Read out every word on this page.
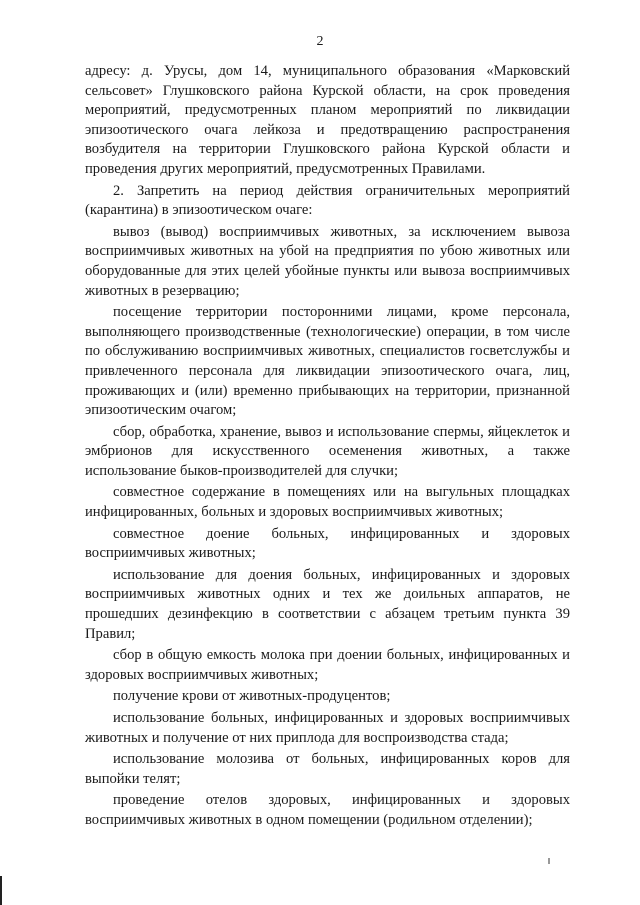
2

адресу: д. Урусы, дом 14, муниципального образования «Марковский сельсовет» Глушковского района Курской области, на срок проведения мероприятий, предусмотренных планом мероприятий по ликвидации эпизоотического очага лейкоза и предотвращению распространения возбудителя на территории Глушковского района Курской области и проведения других мероприятий, предусмотренных Правилами.

2. Запретить на период действия ограничительных мероприятий (карантина) в эпизоотическом очаге:

вывоз (вывод) восприимчивых животных, за исключением вывоза восприимчивых животных на убой на предприятия по убою животных или оборудованные для этих целей убойные пункты или вывоза восприимчивых животных в резервацию;

посещение территории посторонними лицами, кроме персонала, выполняющего производственные (технологические) операции, в том числе по обслуживанию восприимчивых животных, специалистов госветслужбы и привлеченного персонала для ликвидации эпизоотического очага, лиц, проживающих и (или) временно прибывающих на территории, признанной эпизоотическим очагом;

сбор, обработка, хранение, вывоз и использование спермы, яйцеклеток и эмбрионов для искусственного осеменения животных, а также использование быков-производителей для случки;

совместное содержание в помещениях или на выгульных площадках инфицированных, больных и здоровых восприимчивых животных;

совместное доение больных, инфицированных и здоровых восприимчивых животных;

использование для доения больных, инфицированных и здоровых восприимчивых животных одних и тех же доильных аппаратов, не прошедших дезинфекцию в соответствии с абзацем третьим пункта 39 Правил;

сбор в общую емкость молока при доении больных, инфицированных и здоровых восприимчивых животных;

получение крови от животных-продуцентов;

использование больных, инфицированных и здоровых восприимчивых животных и получение от них приплода для воспроизводства стада;

использование молозива от больных, инфицированных коров для выпойки телят;

проведение отелов здоровых, инфицированных и здоровых восприимчивых животных в одном помещении (родильном отделении);
